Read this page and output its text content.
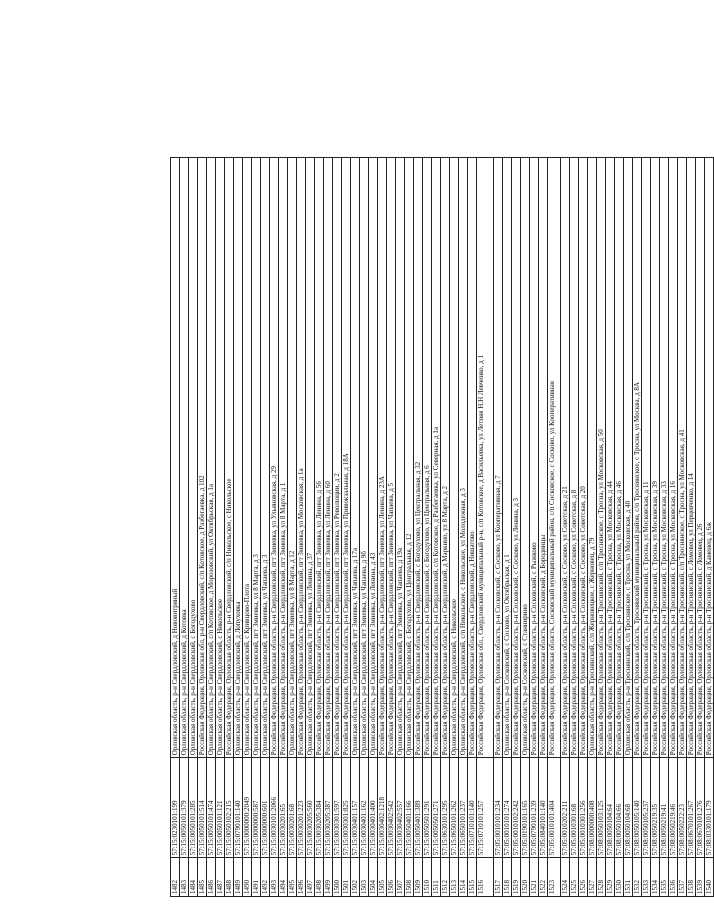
1482	57:15:0230101:199	Орловская область, р-н Свердловский, д Нововитряный
1483	57:15:0050101:379	Орловская область, р-н Свердловский, д Котовка
1484	57:15:0050101:285	Орловская область, р-н Свердловский, с Богодухово
1485	57:15:0050101:514	Российская Федерация, Орловская обл, р-н Свердловский, с/п Котовское, д Разбегаевка, д 102
1486	57:15:0050101:474	Орловская область, р-н Свердловский, с/п Котовское, д Морозовский, ул Октябрьская, д 1а
1487	57:15:0050101:121	Орловская область, р-н Свердловский, с Никольское
1488	57:15:0050102:215	Российская Федерация, Орловская область, р-н Свердловский, с/п Никольское, с Никольское
1489	57:15:0790101:140	Орловская область, р-н Свердловский, д Лопуховка
1490	57:15:0000000:2049	Орловская область, р-н Свердловский, с Кривцово-Плота
1491	57:15:0000000:587	Орловская область, р-н Свердловский, пгт Змиевка, ул 8 Марта, д 3
1492	57:15:0000000:601	Орловская область, р-н Свердловский, пгт Змиевка, ул Чапаева, д 3
1493	57:15:0030101:2066	Российская Федерация, Орловская область, р-н Свердловский, пгт Змиевка, ул Ульяновская, д 29
1494	57:15:0030201:65	Российская Федерация, Орловская область, р-н Свердловский, пгт Змиевка, ул 8 Марта, д 1
1495	57:15:0030201:68	Орловская область, р-н Свердловский, пгт Змиевка, ул 8 Марта, д 12
1496	57:15:0030201:223	Российская Федерация, Орловская область, р-н Свердловский, пгт Змиевка, ул Московская, д 1а
1497	57:15:0030205:560	Орловская область, р-н Свердловский, пгт Змиевка, ул Ленина, д 37
1498	57:15:0030205:384	Российская Федерация, Орловская область, р-н Свердловский, пгт Змиевка, ул Ленина, д 56
1499	57:15:0030205:387	Российская Федерация, Орловская область, р-н Свердловский, пгт Змиевка, ул Ленина, д 60
1500	57:15:0030301:597	Российская Федерация, Орловская область, р-н Свердловский, пгт Змиевка, ул Революции, д 2
1501	57:15:0030301:825	Российская Федерация, Орловская область, р-н Свердловский, пгт Змиевка, ул Привокзальная, д 18А
1502	57:15:0030401:157	Орловская область, р-н Свердловский, пгт Змиевка, ул Чапаева, д 17а
1503	57:15:0030401:162	Орловская область, р-н Свердловский, пгт Змиевка, ул Чапаева, д 9б
1504	57:15:0030401:400	Орловская область, р-н Свердловский, пгт Змиевка, ул Ленина, д 43
1505	57:15:0030402:1218	Российская Федерация, Орловская область, р-н Свердловский, пгт Змиевка, ул Ленина, д 23А
1506	57:15:0030402:542	Российская Федерация, Орловская область, р-н Свердловский, пгт Змиевка, ул Чапаева, д 5
1507	57:15:0030402:557	Орловская область, р-н Свердловский, пгт Змиевка, ул Чапаева, д 19а
1508	57:15:0050401:166	Орловская область, р-н Свердловский, с Богодухово, ул Центральная, д 12
1509	57:15:0050401:389	Российская Федерация, Орловская область, р-н Свердловский, с Богодухово, ул Центральная, д 32
1510	57:15:0050501:291	Российская Федерация, Орловская область, р-н Свердловский, с Богодухово, ул Центральная, д 6
1511	57:15:0050501:271	Российская Федерация, Орловская область, р-н Свердловский, с/п Котовское, д Разбегаевка, ул Северная, д 1а
1512	57:15:0630101:295	Российская Федерация, Орловская область, р-н Свердловский, д Маркино, ул 8 Марта, д 2
1513	57:15:0650101:262	Орловская область, р-н Свердловский, с Никольское
1514	57:15:0650101:237	Орловская область, р-н Свердловский, с/п Никольское, с Никольское, ул Молодежная, д 3
1515	57:15:0710101:140	Российская Федерация, Орловская область, р-н Свердловский, д Нишатово
1516	57:15:0710101:257	Российская Федерация, Орловская обл., Свердловский муниципальный р-н, с/п Котовское, д Васильевка, ул Летняя Н.Н Левченко, д 1
1517	57:05:0010101:234	Российская Федерация, Орловская область, р-н Сосковский, с Сосково, ул Кооперативная, д 7
1518	57:05:0010101:274	Орловская область, р-н Сосковский, с Сосково, ул Октябрьская, д 1
1519	57:05:0010102:242	Российская Федерация, Орловская область, р-н Сосковский, с Сосково, ул Ленина, д 3
1520	57:05:0190101:165	Орловская область, р-н Сосковский, с Станнирино
1521	57:05:0790101:239	Российская Федерация, Орловская область, р-н Сосковский, с Рыжково
1522	57:05:0840101:140	Российская Федерация, Орловская область, р-н Сосковский, д Бородинцы
1523	57:05:0010101:404	Российская Федерация, Орловская область, Сосковский муниципальный район, с/п Сосковское, с Сосково, ул Кооперативная
1524	57:05:0010202:211	Российская Федерация, Орловская область, р-н Сосковский, с Сосково, ул Советская, д 21
1525	57:05:0010301:68	Российская Федерация, Орловская область, р-н Сосковский, с Сосково, ул Советская, д 8
1526	57:05:0010301:256	Российская Федерация, Орловская область, р-н Сосковский, с Сосково, ул Советская, д 20
1527	57:08:0000000:408	Орловская область, р-н Троснянский, с/п Жерновецкое, с Жерновец, д 79
1528	57:08:0050103:125	Российская Федерация, Орловская область, р-н Троснянский, с/п Троснянское, с Тросна, ул Московская, д 50
1529	57:08:0050104:64	Российская Федерация, Орловская область, р-н Троснянский, с Тросна, ул Московская, д 44
1530	57:08:0050104:66	Российская Федерация, Орловская область, р-н Троснянский, с Тросна, ул Московская, д 46
1531	57:08:0050104:68	Орловская область, р-н Троснянский, с/п Троснянское, с Тросна, ул Московская, д 40
1532	57:08:0050105:140	Российская Федерация, Орловская область, Троснянский муниципальный район, с/п Троснянское, с Тросна, ул Москва, д 8А
1533	57:08:0050105:237	Российская Федерация, Орловская область, р-н Троснянский, с Тросна, ул Московская, д 11
1534	57:08:0050219:35	Российская Федерация, Орловская область, р-н Троснянский, с Тросна, ул Московская, д 39
1535	57:08:0050219:41	Российская Федерация, Орловская область, р-н Троснянский, с Тросна, ул Московская, д 33
1536	57:08:0050219:46	Российская Федерация, Орловская область, р-н Троснянский, с Тросна, ул Московская, д 16
1537	57:08:0050222:23	Российская Федерация, Орловская область, р-н Троснянский, с/п Троснянское, с Тросна, ул Московская, д 41
1538	57:08:0670101:267	Российская Федерация, Орловская область, р-н Троснянский, с Ломовец, ул Перцевченко, д 14
1539	57:08:0670101:276	Российская Федерация, Орловская область, р-н Троснянский, с Ломовец, д 26
1540	57:08:0330101:179	Российская Федерация, Орловская область, р-н Троснянский, д Каменец, д 6ж
